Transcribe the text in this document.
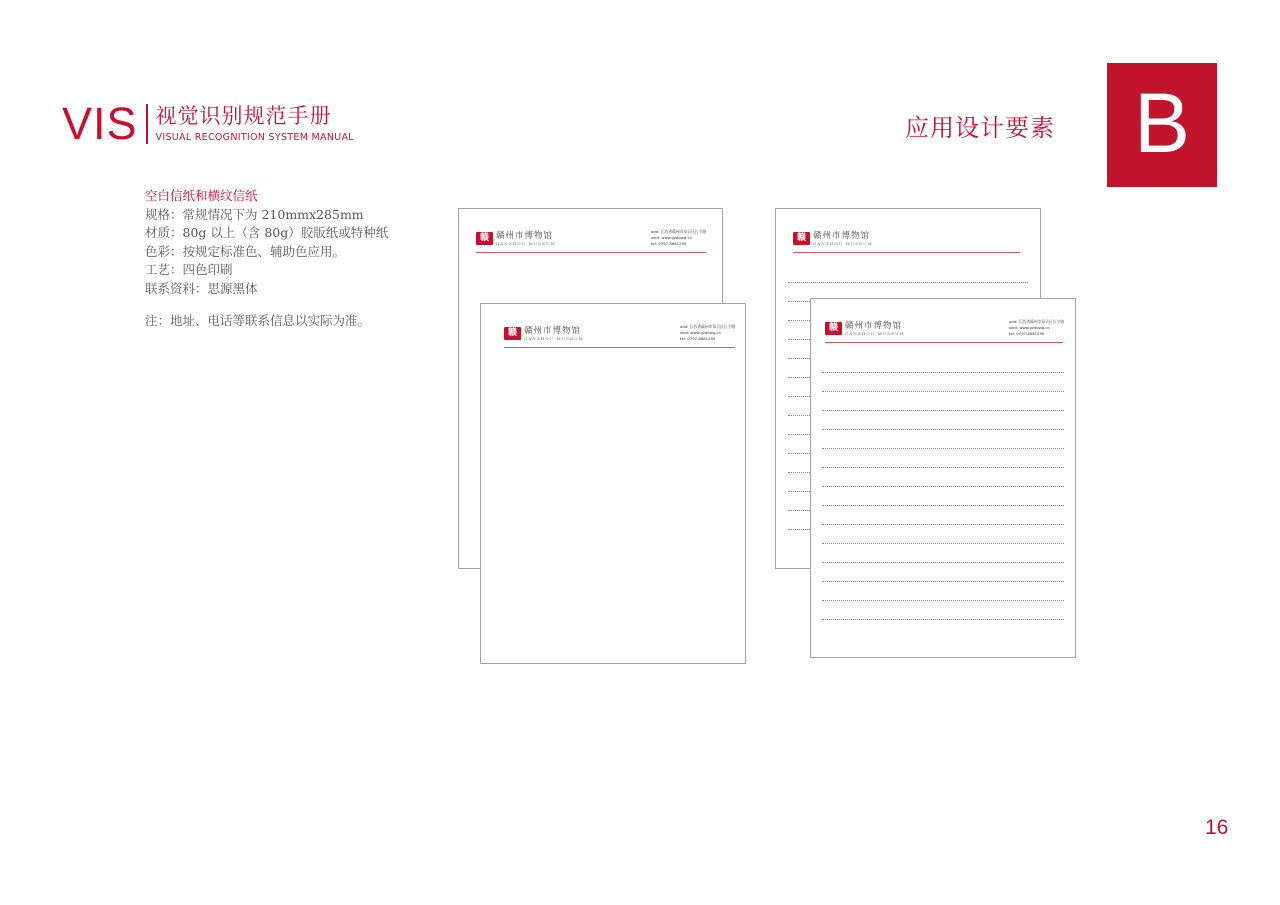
VIS 视觉识别规范手册
VISUAL RECOGNITION SYSTEM MANUAL	应用设计要素 B
空白信纸和横纹信纸
规格：常规情况下为 210mmx285mm
材质：80g 以上（含 80g）胶版纸或特种纸
色彩：按规定标准色、辅助色应用。
工艺：四色印刷
联系资料：思源黑体
注：地址、电话等联系信息以实际为准。
赣 赣州市博物馆
GANZHOU MUSEUM
add: 江西省赣州市章贡区长宁路
wed: www.gzdbwg.cn
tel: 0797-8681299
赣 赣州市博物馆
GANZHOU MUSEUM
add: 江西省赣州市章贡区长宁路
wed: www.gzdbwg.cn
tel: 0797-8681299
赣 赣州市博物馆
GANZHOU MUSEUM
赣 赣州市博物馆
GANZHOU MUSEUM
add: 江西省赣州市章贡区长宁路
wed: www.gzdbwg.cn
tel: 0797-8681299
16
